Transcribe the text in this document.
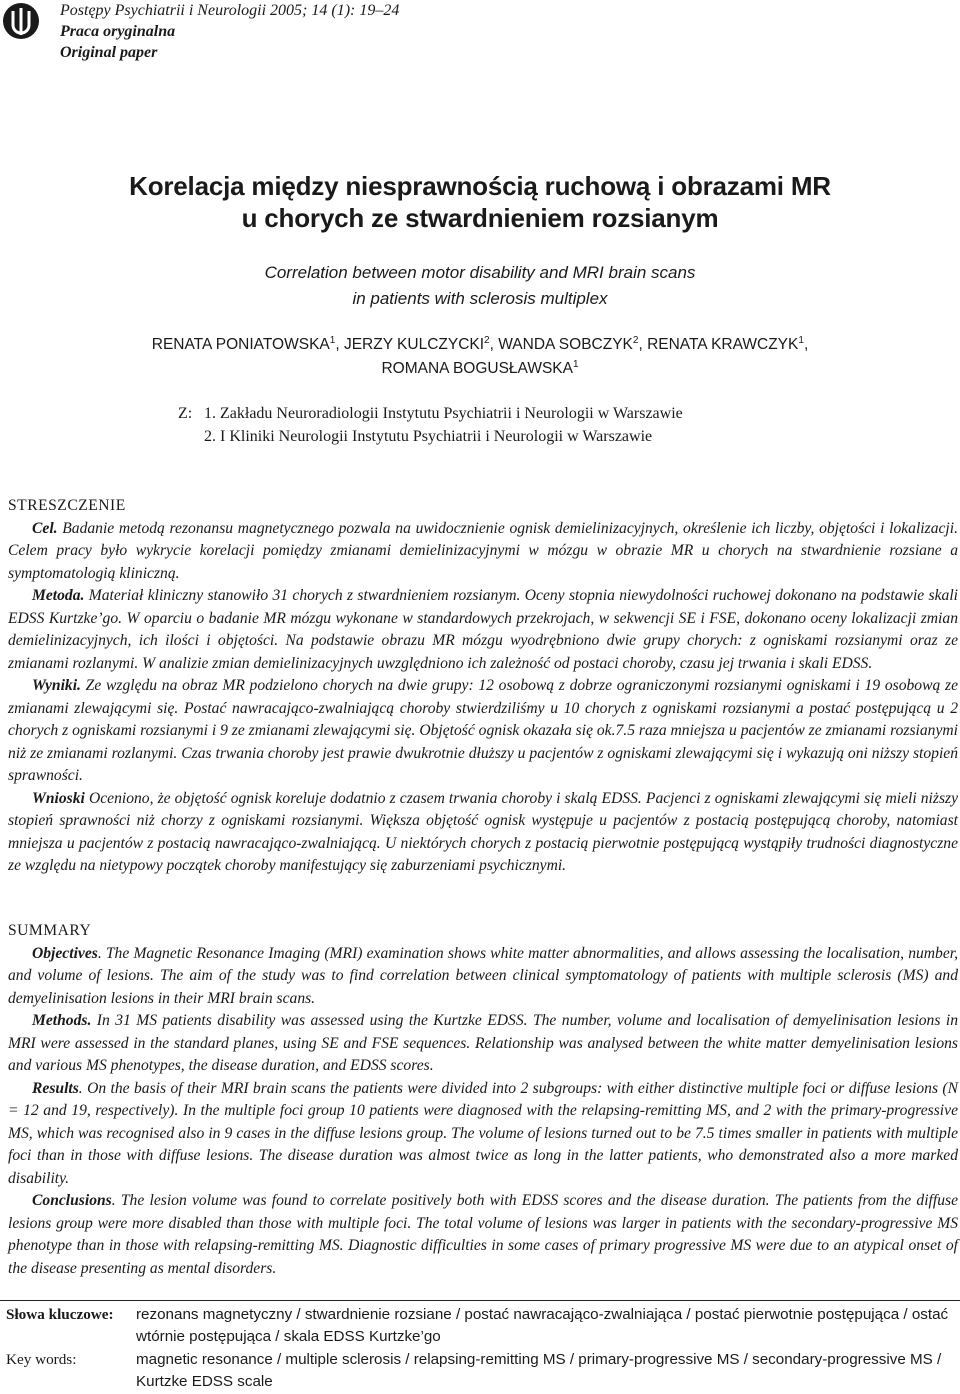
Postępy Psychiatrii i Neurologii 2005; 14 (1): 19–24
Praca oryginalna
Original paper
Korelacja między niesprawnością ruchową i obrazami MR
u chorych ze stwardnieniem rozsianym
Correlation between motor disability and MRI brain scans
in patients with sclerosis multiplex
RENATA PONIATOWSKA$^1$, JERZY KULCZYCKI$^2$, WANDA SOBCZYK$^2$, RENATA KRAWCZYK$^1$,
ROMANA BOGUSŁAWSKA$^1$
Z: 1. Zakładu Neuroradiologii Instytutu Psychiatrii i Neurologii w Warszawie
2. I Kliniki Neurologii Instytutu Psychiatrii i Neurologii w Warszawie
STRESZCZENIE

Cel. Badanie metodą rezonansu magnetycznego pozwala na uwidocznienie ognisk demielinizacyjnych, określenie ich liczby, objętości i lokalizacji. Celem pracy było wykrycie korelacji pomiędzy zmianami demielinizacyjnymi w mózgu w obrazie MR u chorych na stwardnienie rozsiane a symptomatologią kliniczną.

Metoda. Materiał kliniczny stanowiło 31 chorych z stwardnieniem rozsianym. Oceny stopnia niewydolności ruchowej dokonano na podstawie skali EDSS Kurtzke’go. W oparciu o badanie MR mózgu wykonane w standardowych przekrojach, w sekwencji SE i FSE, dokonano oceny lokalizacji zmian demielinizacyjnych, ich ilości i objętości. Na podstawie obrazu MR mózgu wyodrębniono dwie grupy chorych: z ogniskami rozsianymi oraz ze zmianami rozlanymi. W analizie zmian demielinizacyjnych uwzględniono ich zależność od postaci choroby, czasu jej trwania i skali EDSS.

Wyniki. Ze względu na obraz MR podzielono chorych na dwie grupy: 12 osobową z dobrze ograniczonymi rozsianymi ogniskami i 19 osobową ze zmianami zlewającymi się. Postać nawracająco-zwalniającą choroby stwierdziliśmy u 10 chorych z ogniskami rozsianymi a postać postępującą u 2 chorych z ogniskami rozsianymi i 9 ze zmianami zlewającymi się. Objętość ognisk okazała się ok.7.5 raza mniejsza u pacjentów ze zmianami rozsianymi niż ze zmianami rozlanymi. Czas trwania choroby jest prawie dwukrotnie dłuższy u pacjentów z ogniskami zlewającymi się i wykazują oni niższy stopień sprawności.

Wnioski Oceniono, że objętość ognisk koreluje dodatnio z czasem trwania choroby i skalą EDSS. Pacjenci z ogniskami zlewającymi się mieli niższy stopień sprawności niż chorzy z ogniskami rozsianymi. Większa objętość ognisk występuje u pacjentów z postacią postępującą choroby, natomiast mniejsza u pacjentów z postacią nawracająco-zwalniającą. U niektórych chorych z postacią pierwotnie postępującą wystąpiły trudności diagnostyczne ze względu na nietypowy początek choroby manifestujący się zaburzeniami psychicznymi.

SUMMARY

Objectives. The Magnetic Resonance Imaging (MRI) examination shows white matter abnormalities, and allows assessing the localisation, number, and volume of lesions. The aim of the study was to find correlation between clinical symptomatology of patients with multiple sclerosis (MS) and demyelinisation lesions in their MRI brain scans.

Methods. In 31 MS patients disability was assessed using the Kurtzke EDSS. The number, volume and localisation of demyelinisation lesions in MRI were assessed in the standard planes, using SE and FSE sequences. Relationship was analysed between the white matter demyelinisation lesions and various MS phenotypes, the disease duration, and EDSS scores.

Results. On the basis of their MRI brain scans the patients were divided into 2 subgroups: with either distinctive multiple foci or diffuse lesions (N = 12 and 19, respectively). In the multiple foci group 10 patients were diagnosed with the relapsing-remitting MS, and 2 with the primary-progressive MS, which was recognised also in 9 cases in the diffuse lesions group. The volume of lesions turned out to be 7.5 times smaller in patients with multiple foci than in those with diffuse lesions. The disease duration was almost twice as long in the latter patients, who demonstrated also a more marked disability.

Conclusions. The lesion volume was found to correlate positively both with EDSS scores and the disease duration. The patients from the diffuse lesions group were more disabled than those with multiple foci. The total volume of lesions was larger in patients with the secondary-progressive MS phenotype than in those with relapsing-remitting MS. Diagnostic difficulties in some cases of primary progressive MS were due to an atypical onset of the disease presenting as mental disorders.

Słowa kluczowe:	rezonans magnetyczny / stwardnienie rozsiane / postać nawracająco-zwalniająca / postać pierwotnie postępująca / ostać wtórnie postępująca / skala EDSS Kurtzke’go
Key words:	magnetic resonance / multiple sclerosis / relapsing-remitting MS / primary-progressive MS / secondary-progressive MS / Kurtzke EDSS scale
